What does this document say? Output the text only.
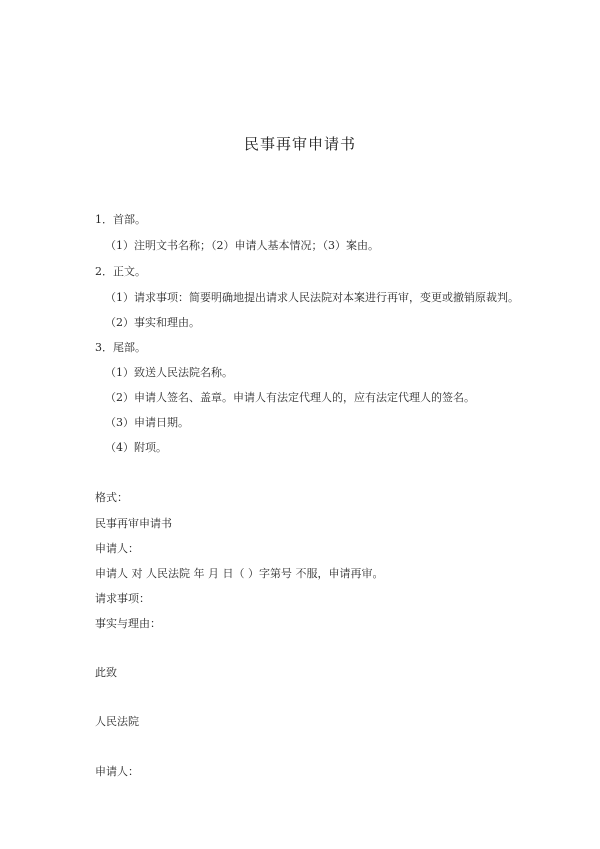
民事再审申请书
1．首部。
（1）注明文书名称；（2）申请人基本情况；（3）案由。
2．正文。
（1）请求事项：简要明确地提出请求人民法院对本案进行再审，变更或撤销原裁判。
（2）事实和理由。
3．尾部。
（1）致送人民法院名称。
（2）申请人签名、盖章。申请人有法定代理人的，应有法定代理人的签名。
（3）申请日期。
（4）附项。
格式：
民事再审申请书
申请人：
申请人 对 人民法院 年 月 日（ ）字第号 不服，申请再审。
请求事项：
事实与理由：
此致
人民法院
申请人：
